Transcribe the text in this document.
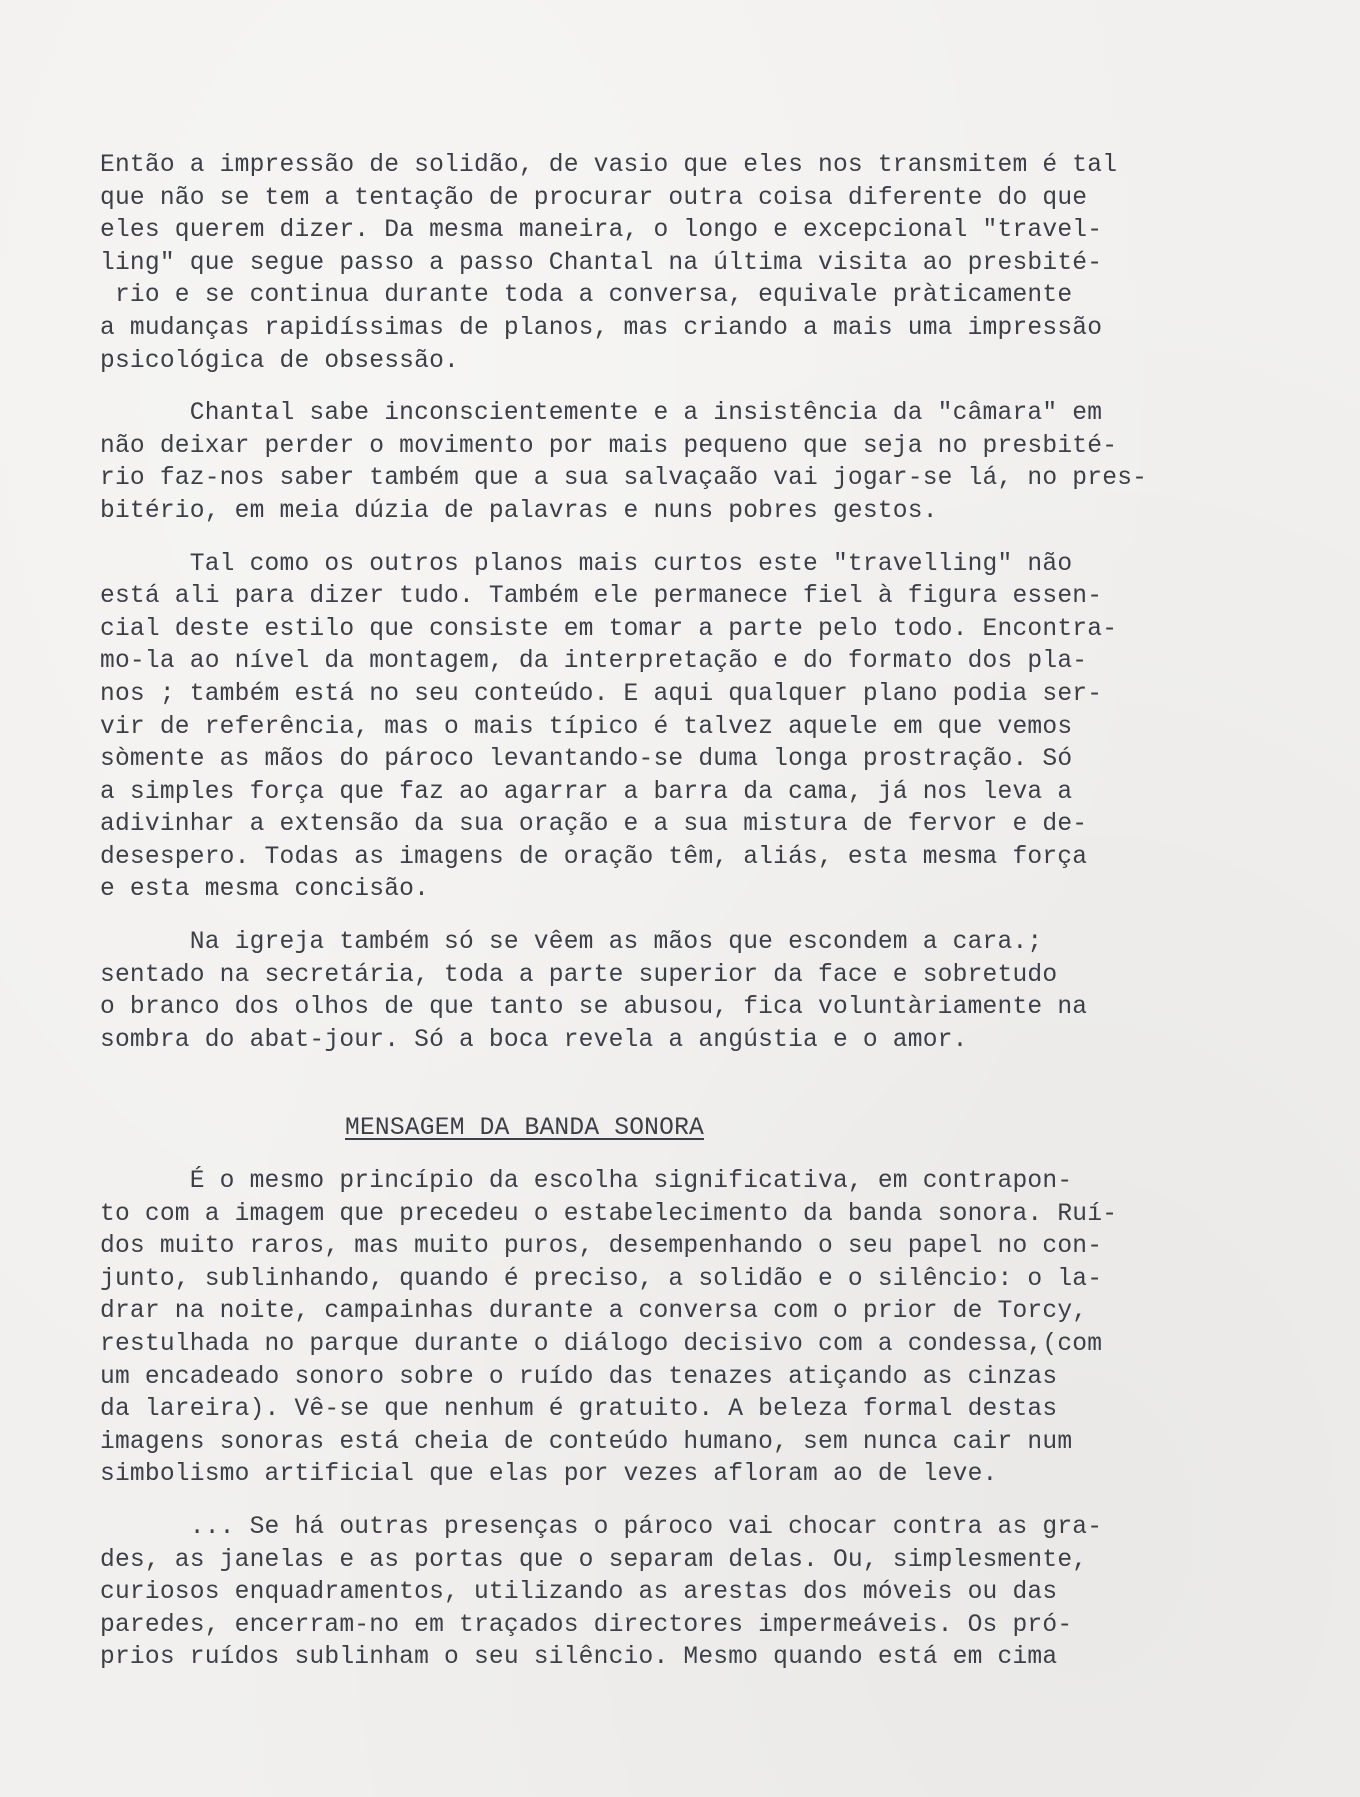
Então a impressão de solidão, de vasio que eles nos transmitem é tal
que não se tem a tentação de procurar outra coisa diferente do que
eles querem dizer. Da mesma maneira, o longo e excepcional "travel-
ling" que segue passo a passo Chantal na última visita ao presbité-
rio e se continua durante toda a conversa, equivale pràticamente
a mudanças rapidíssimas de planos, mas criando a mais uma impressão
psicológica de obsessão.
Chantal sabe inconscientemente e a insistência da "câmara" em
não deixar perder o movimento por mais pequeno que seja no presbité-
rio faz-nos saber também que a sua salvaçaão vai jogar-se lá, no pres-
bitério, em meia dúzia de palavras e nuns pobres gestos.
Tal como os outros planos mais curtos este "travelling" não
está ali para dizer tudo. Também ele permanece fiel à figura essen-
cial deste estilo que consiste em tomar a parte pelo todo. Encontra-
mo-la ao nível da montagem, da interpretação e do formato dos pla-
nos ; também está no seu conteúdo. E aqui qualquer plano podia ser-
vir de referência, mas o mais típico é talvez aquele em que vemos
sòmente as mãos do pároco levantando-se duma longa prostração. Só
a simples força que faz ao agarrar a barra da cama, já nos leva a
adivinhar a extensão da sua oração e a sua mistura de fervor e de-
desespero. Todas as imagens de oração têm, aliás, esta mesma força
e esta mesma concisão.
Na igreja também só se vêem as mãos que escondem a cara.;
sentado na secretária, toda a parte superior da face e sobretudo
o branco dos olhos de que tanto se abusou, fica voluntàriamente na
sombra do abat-jour. Só a boca revela a angústia e o amor.
MENSAGEM DA BANDA SONORA
É o mesmo princípio da escolha significativa, em contrapon-
to com a imagem que precedeu o estabelecimento da banda sonora. Ruí-
dos muito raros, mas muito puros, desempenhando o seu papel no con-
junto, sublinhando, quando é preciso, a solidão e o silêncio: o la-
drar na noite, campainhas durante a conversa com o prior de Torcy,
restulhada no parque durante o diálogo decisivo com a condessa,(com
um encadeado sonoro sobre o ruído das tenazes atiçando as cinzas
da lareira). Vê-se que nenhum é gratuito. A beleza formal destas
imagens sonoras está cheia de conteúdo humano, sem nunca cair num
simbolismo artificial que elas por vezes afloram ao de leve.
... Se há outras presenças o pároco vai chocar contra as gra-
des, as janelas e as portas que o separam delas. Ou, simplesmente,
curiosos enquadramentos, utilizando as arestas dos móveis ou das
paredes, encerram-no em traçados directores impermeáveis. Os pró-
prios ruídos sublinham o seu silêncio. Mesmo quando está em cima
